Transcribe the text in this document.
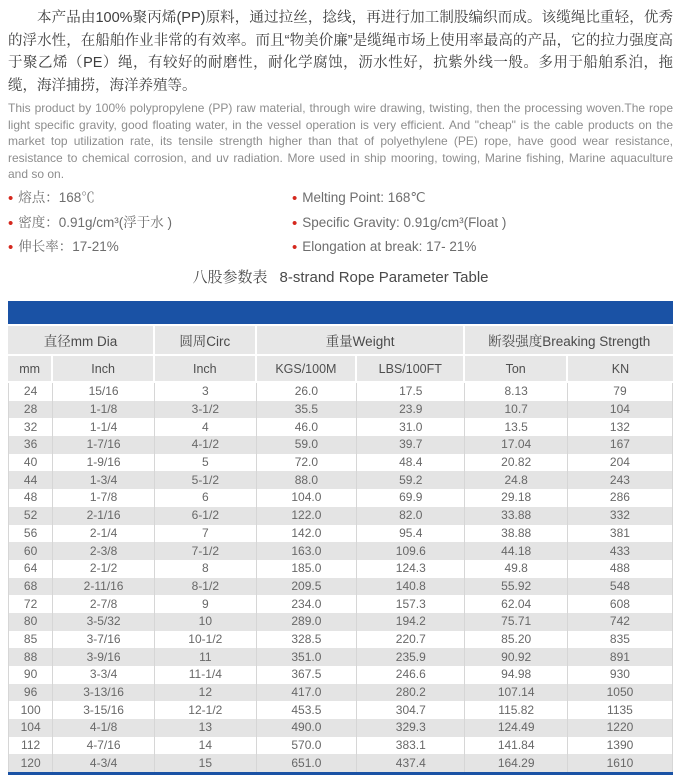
本产品由100%聚丙烯(PP)原料，通过拉丝，捻线，再进行加工制股编织而成。该缆绳比重轻，优秀的浮水性，在船舶作业非常的有效率。而且“物美价廉”是缆绳市场上使用率最高的产品，它的拉力强度高于聚乙烯（PE）绳，有较好的耐磨性，耐化学腐蚀，沥水性好，抗紫外线一般。多用于船舶系泊，拖缆，海洋捕捞，海洋养殖等。

This product by 100% polypropylene (PP) raw material, through wire drawing, twisting, then the processing woven.The rope light specific gravity, good floating water, in the vessel operation is very efficient. And "cheap" is the cable products on the market top utilization rate, its tensile strength higher than that of polyethylene (PE) rope, have good wear resistance, resistance to chemical corrosion, and uv radiation. More used in ship mooring, towing, Marine fishing, Marine aquaculture and so on.

• 熔点：168℃
• 密度：0.91g/cm³(浮于水 )
• 伸长率：17-21%
• Melting Point: 168℃
• Specific Gravity: 0.91g/cm³(Float )
• Elongation at break: 17- 21%
八股参数表 8-strand Rope Parameter Table
直径mm Dia		圆周Circ	重量Weight		断裂强度Breaking Strength	
mm	Inch	Inch	KGS/100M	LBS/100FT	Ton	KN
24	15/16	3	26.0	17.5	8.13	79
28	1-1/8	3-1/2	35.5	23.9	10.7	104
32	1-1/4	4	46.0	31.0	13.5	132
36	1-7/16	4-1/2	59.0	39.7	17.04	167
40	1-9/16	5	72.0	48.4	20.82	204
44	1-3/4	5-1/2	88.0	59.2	24.8	243
48	1-7/8	6	104.0	69.9	29.18	286
52	2-1/16	6-1/2	122.0	82.0	33.88	332
56	2-1/4	7	142.0	95.4	38.88	381
60	2-3/8	7-1/2	163.0	109.6	44.18	433
64	2-1/2	8	185.0	124.3	49.8	488
68	2-11/16	8-1/2	209.5	140.8	55.92	548
72	2-7/8	9	234.0	157.3	62.04	608
80	3-5/32	10	289.0	194.2	75.71	742
85	3-7/16	10-1/2	328.5	220.7	85.20	835
88	3-9/16	11	351.0	235.9	90.92	891
90	3-3/4	11-1/4	367.5	246.6	94.98	930
96	3-13/16	12	417.0	280.2	107.14	1050
100	3-15/16	12-1/2	453.5	304.7	115.82	1135
104	4-1/8	13	490.0	329.3	124.49	1220
112	4-7/16	14	570.0	383.1	141.84	1390
120	4-3/4	15	651.0	437.4	164.29	1610
